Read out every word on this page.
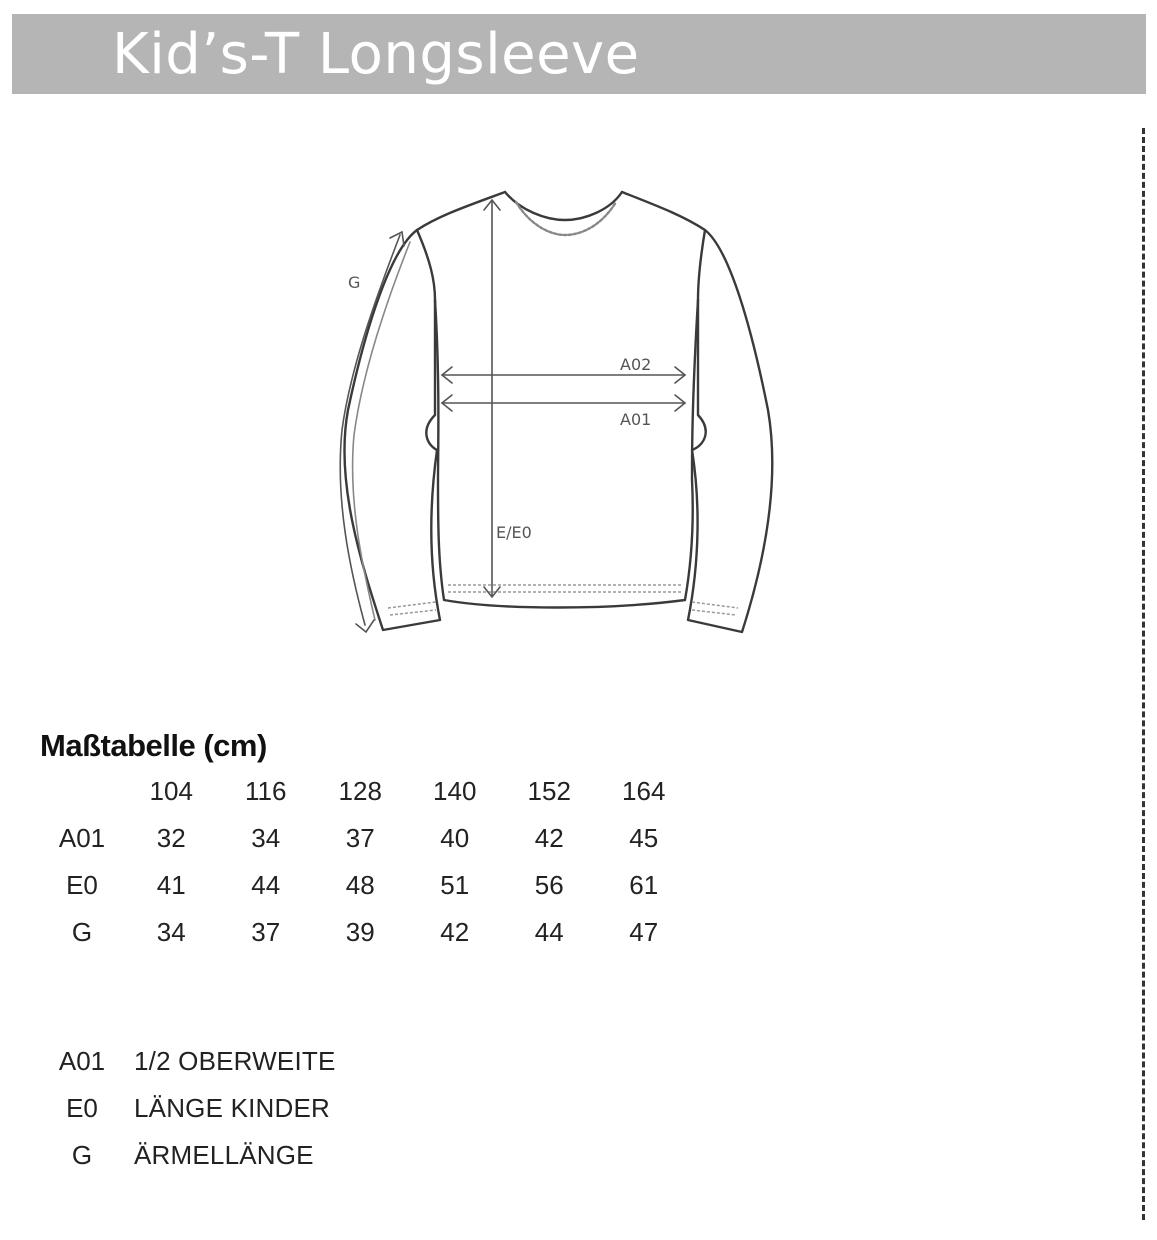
Kid’s-T Longsleeve
G
A02
A01
E/E0
Maßtabelle (cm)
	104	116	128	140	152	164
A01	32	34	37	40	42	45
E0	41	44	48	51	56	61
G	34	37	39	42	44	47
A01	1/2 OBERWEITE
E0	LÄNGE KINDER
G	ÄRMELLÄNGE
